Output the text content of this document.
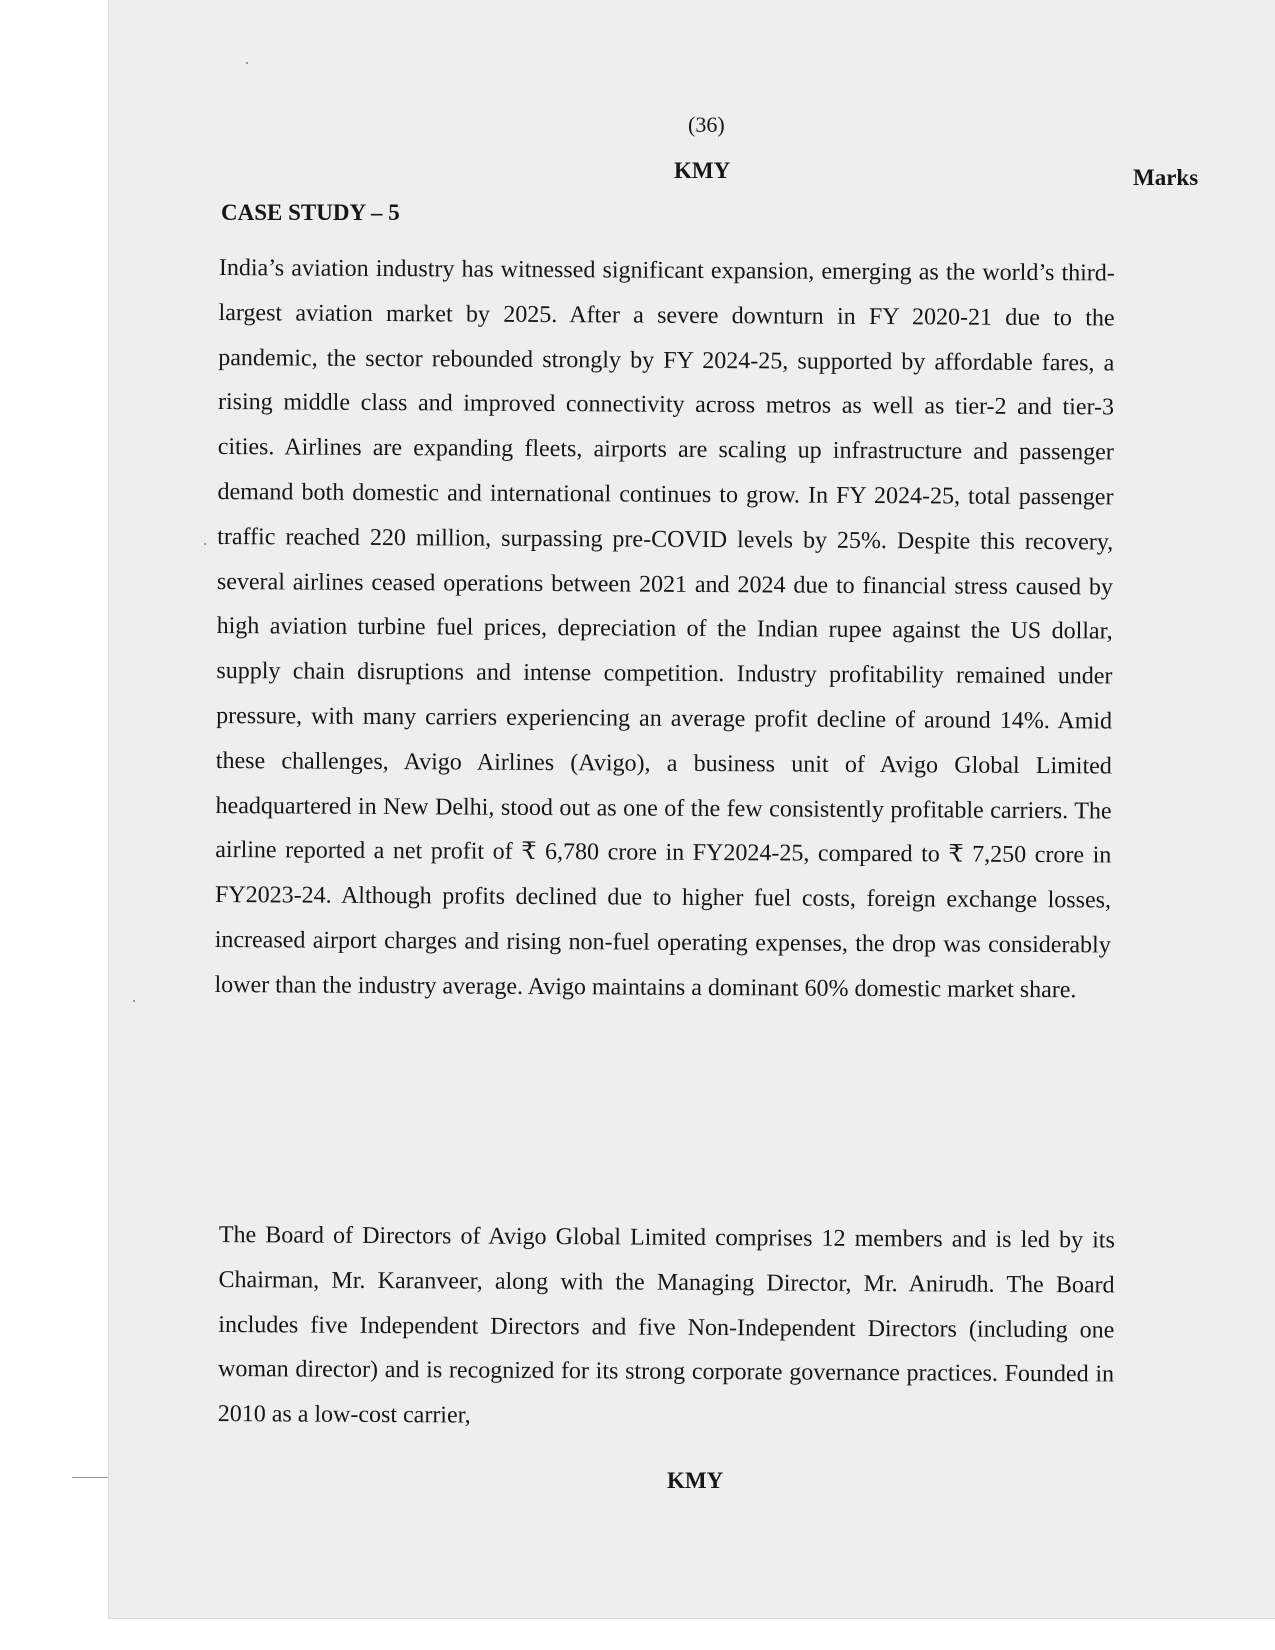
(36)
KMY	Marks
CASE STUDY – 5

India’s aviation industry has witnessed significant expansion, emerging as the world’s third-largest aviation market by 2025. After a severe downturn in FY 2020-21 due to the pandemic, the sector rebounded strongly by FY 2024-25, supported by affordable fares, a rising middle class and improved connectivity across metros as well as tier-2 and tier-3 cities. Airlines are expanding fleets, airports are scaling up infrastructure and passenger demand both domestic and international continues to grow. In FY 2024-25, total passenger traffic reached 220 million, surpassing pre-COVID levels by 25%. Despite this recovery, several airlines ceased operations between 2021 and 2024 due to financial stress caused by high aviation turbine fuel prices, depreciation of the Indian rupee against the US dollar, supply chain disruptions and intense competition. Industry profitability remained under pressure, with many carriers experiencing an average profit decline of around 14%. Amid these challenges, Avigo Airlines (Avigo), a business unit of Avigo Global Limited headquartered in New Delhi, stood out as one of the few consistently profitable carriers. The airline reported a net profit of ₹ 6,780 crore in FY2024-25, compared to ₹ 7,250 crore in FY2023-24. Although profits declined due to higher fuel costs, foreign exchange losses, increased airport charges and rising non-fuel operating expenses, the drop was considerably lower than the industry average. Avigo maintains a dominant 60% domestic market share.

The Board of Directors of Avigo Global Limited comprises 12 members and is led by its Chairman, Mr. Karanveer, along with the Managing Director, Mr. Anirudh. The Board includes five Independent Directors and five Non-Independent Directors (including one woman director) and is recognized for its strong corporate governance practices. Founded in 2010 as a low-cost carrier,

KMY
